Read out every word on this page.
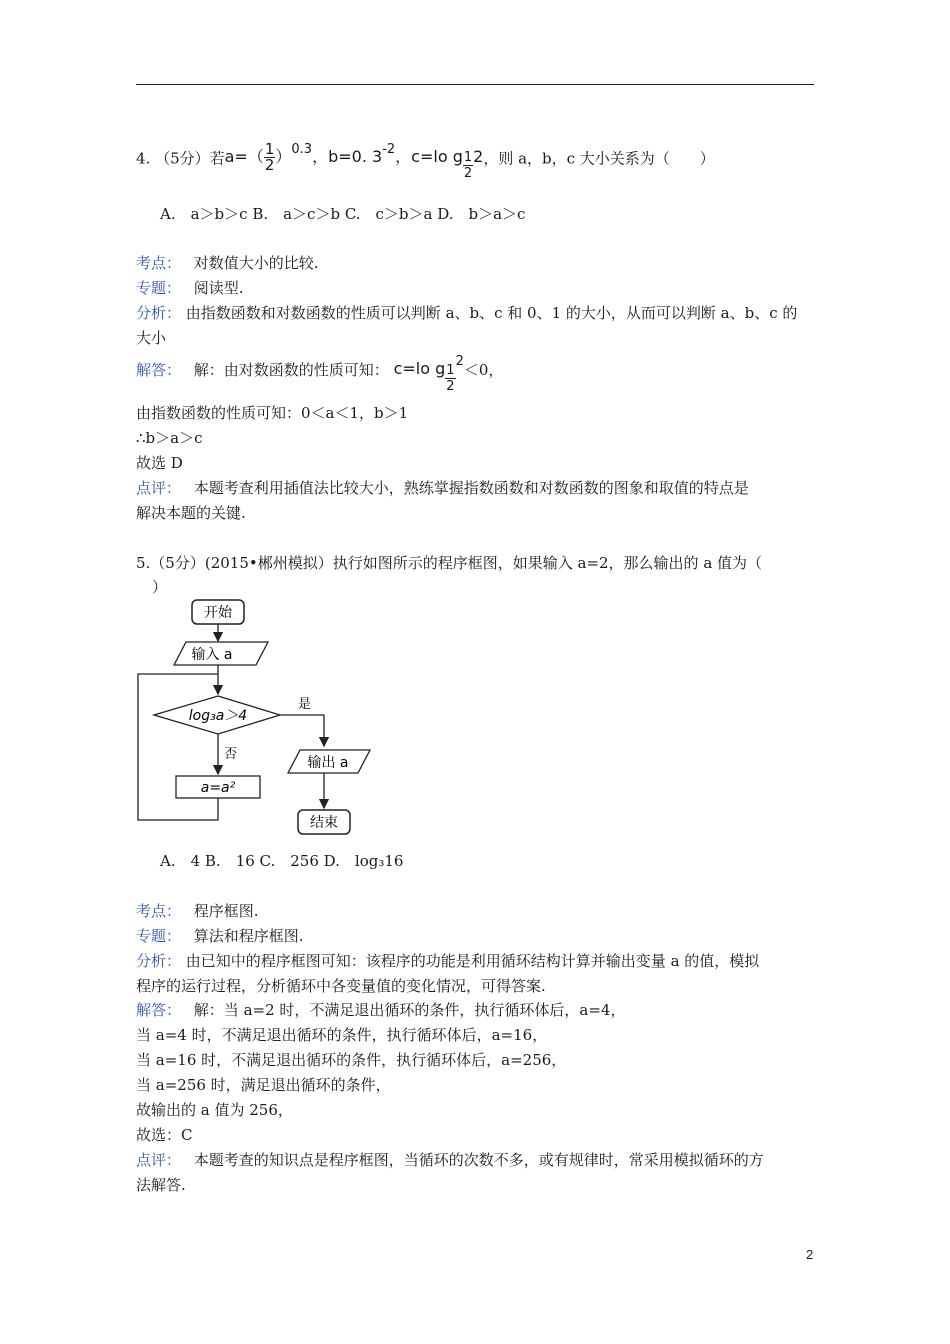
4. （5分）若$a=( \frac{1}{2} )^{0.3}$，b=0. $3^{-2}$，c=lo g $\frac{1}{2} 2$，则 a，b，c 大小关系为（　　）
A.　a＞b＞c B.　a＞c＞b C.　c＞b＞a D.　b＞a＞c
考点： 对数值大小的比较.
专题： 阅读型.
分析： 由指数函数和对数函数的性质可以判断 a、b、c 和 0、1 的大小，从而可以判断 a、b、c 的
大小
解答： 解：由对数函数的性质可知： c=lo g $\frac{1}{2}$
$^2$＜0，
由指数函数的性质可知：0＜a＜1，b＞1
∴b＞a＞c
故选 D
点评： 本题考查利用插值法比较大小，熟练掌握指数函数和对数函数的图象和取值的特点是
解决本题的关键.
5.（5分）(2015•郴州模拟）执行如图所示的程序框图，如果输入 a=2，那么输出的 a 值为（
）
开始
输入 a
log₃a＞4
是
否
a=a²
输出 a
结束
A.　4 B.　16 C.　256 D.　log₃16
考点： 程序框图.
专题： 算法和程序框图.
分析： 由已知中的程序框图可知：该程序的功能是利用循环结构计算并输出变量 a 的值，模拟
程序的运行过程，分析循环中各变量值的变化情况，可得答案.
解答： 解：当 a=2 时，不满足退出循环的条件，执行循环体后，a=4，
当 a=4 时，不满足退出循环的条件，执行循环体后，a=16，
当 a=16 时，不满足退出循环的条件，执行循环体后，a=256，
当 a=256 时，满足退出循环的条件，
故输出的 a 值为 256，
故选：C
点评： 本题考查的知识点是程序框图，当循环的次数不多，或有规律时，常采用模拟循环的方
法解答.
2
